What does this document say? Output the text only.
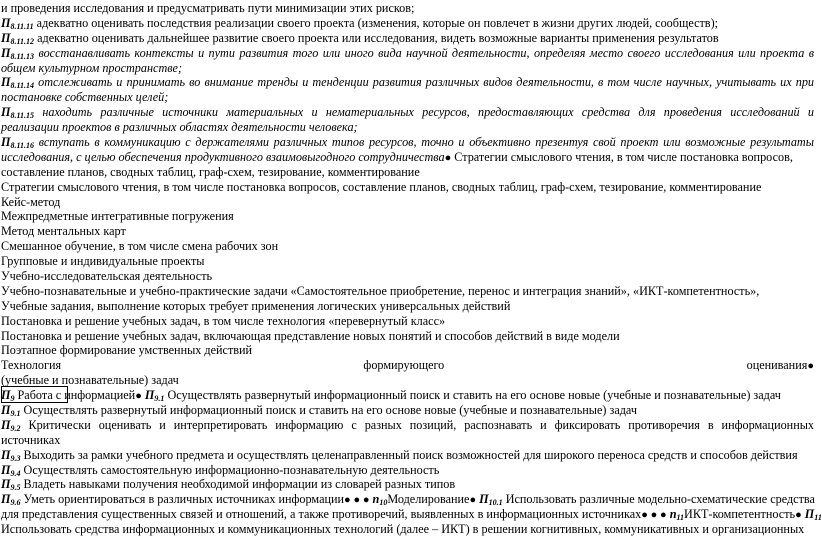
и проведения исследования и предусматривать пути минимизации этих рисков;
$П_{8.11.11}$ адекватно оценивать последствия реализации своего проекта (изменения, которые он повлечет в жизни других людей, сообществ);
$П_{8.11.12}$ адекватно оценивать дальнейшее развитие своего проекта или исследования, видеть возможные варианты применения результатов
$П_{8.11.13}$ восстанавливать контексты и пути развития того или иного вида научной деятельности, определяя место своего исследования или проекта в
общем культурном пространстве;
$П_{8.11.14}$ отслеживать и принимать во внимание тренды и тенденции развития различных видов деятельности, в том числе научных, учитывать их при
постановке собственных целей;
$П_{8.11.15}$ находить различные источники материальных и нематериальных ресурсов, предоставляющих средства для проведения исследований и
реализации проектов в различных областях деятельности человека;
$П_{8.11.16}$ вступать в коммуникацию с держателями различных типов ресурсов, точно и объективно презентуя свой проект или возможные результаты
исследования, с целью обеспечения продуктивного взаимовыгодного сотрудничества● Стратегии смыслового чтения, в том числе постановка вопросов,
составление планов, сводных таблиц, граф-схем, тезирование, комментирование
Стратегии смыслового чтения, в том числе постановка вопросов, составление планов, сводных таблиц, граф-схем, тезирование, комментирование
Кейс-метод
Межпредметные интегративные погружения
Метод ментальных карт
Смешанное обучение, в том числе смена рабочих зон
Групповые и индивидуальные проекты
Учебно-исследовательская деятельность
Учебно-познавательные и учебно-практические задачи «Самостоятельное приобретение, перенос и интеграция знаний», «ИКТ-компетентность»,
Учебные задания, выполнение которых требует применения логических универсальных действий
Постановка и решение учебных задач, в том числе технология «перевернутый класс»
Постановка и решение учебных задач, включающая представление новых понятий и способов действий в виде модели
Поэтапное формирование умственных действий
Технология	формирующего	оценивания●
(учебные и познавательные) задач
$П_9$ Работа с информацией● $П_{9.1}$ Осуществлять развернутый информационный поиск и ставить на его основе новые (учебные и познавательные) задач
$П_{9.1}$ Осуществлять развернутый информационный поиск и ставить на его основе новые (учебные и познавательные) задач
$П_{9.2}$ Критически оценивать и интерпретировать информацию с разных позиций, распознавать и фиксировать противоречия в информационных
источниках
$П_{9.3}$ Выходить за рамки учебного предмета и осуществлять целенаправленный поиск возможностей для широкого переноса средств и способов действия
$П_{9.4}$ Осуществлять самостоятельную информационно-познавательную деятельность
$П_{9.5}$ Владеть навыками получения необходимой информации из словарей разных типов
$П_{9.6}$ Уметь ориентироваться в различных источниках информации● ● ● $п_{10}Моделирование●$ $П_{10.1}$ Использовать различные модельно-схематические средства
для представления существенных связей и отношений, а также противоречий, выявленных в информационных источниках● ● ● $п_{11}ИКТ-компетентность●$ $П_{11}$
Использовать средства информационных и коммуникационных технологий (далее – ИКТ) в решении когнитивных, коммуникативных и организационных
